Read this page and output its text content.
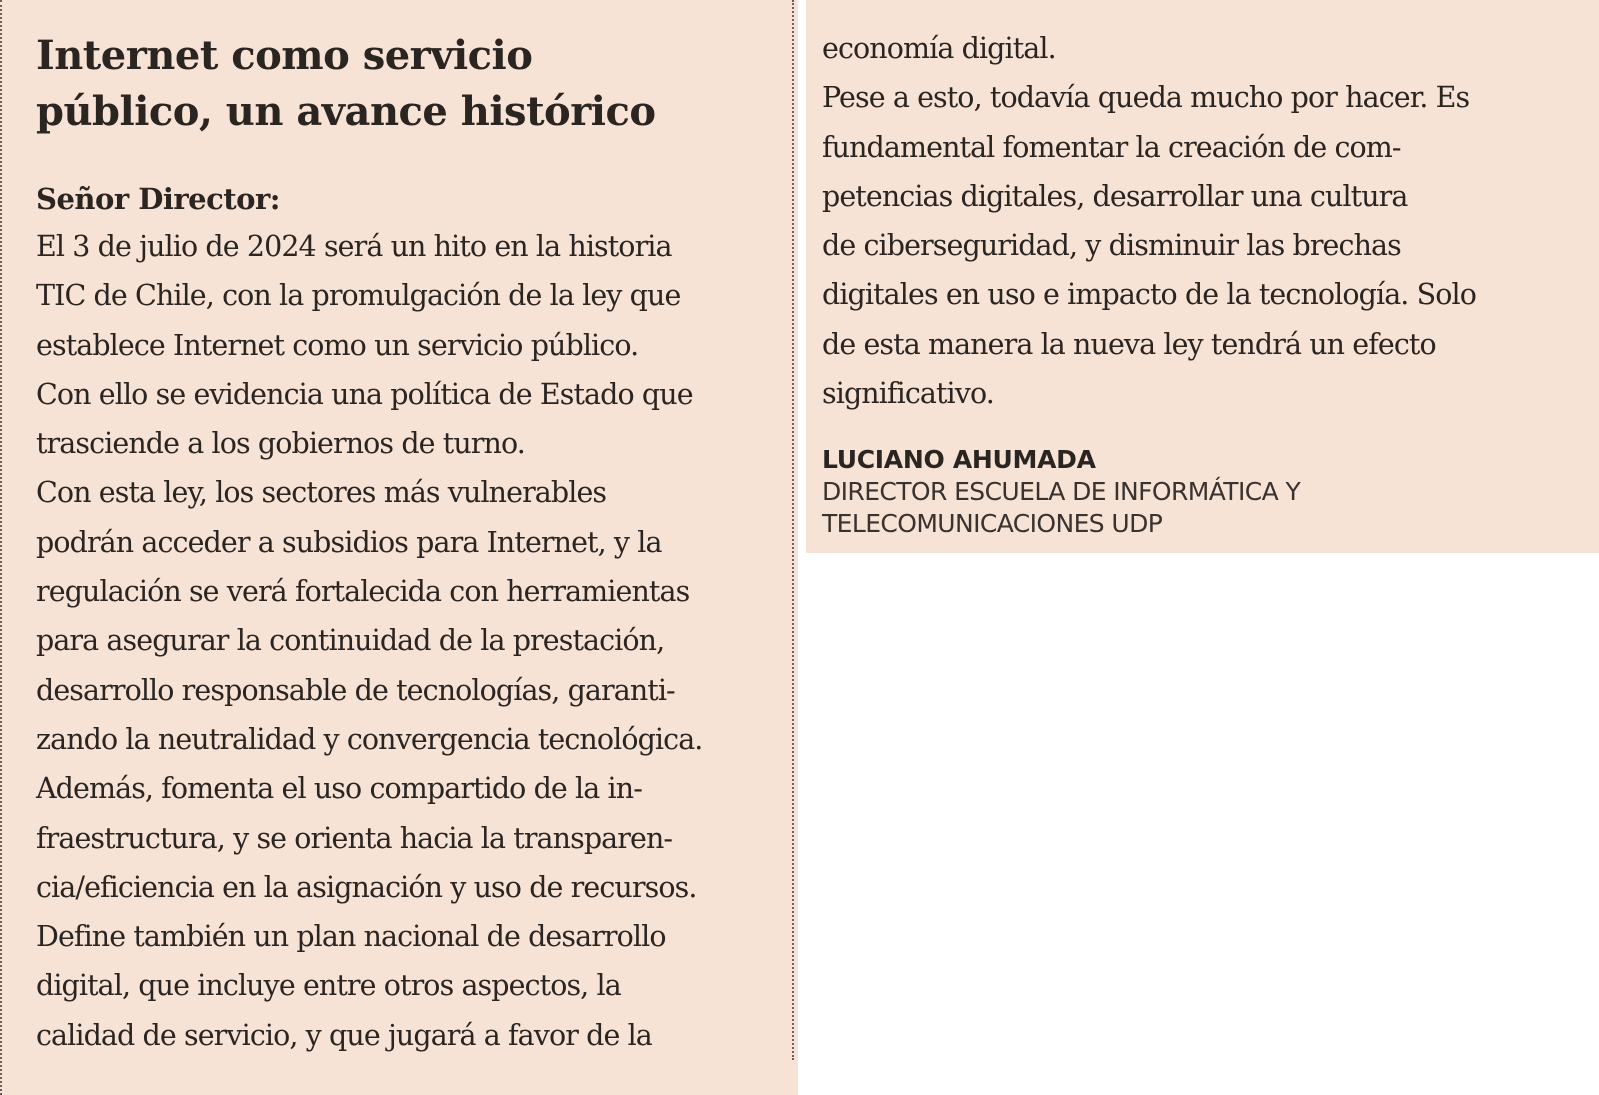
Internet como servicio
público, un avance histórico

Señor Director:

El 3 de julio de 2024 será un hito en la historia
TIC de Chile, con la promulgación de la ley que
establece Internet como un servicio público.
Con ello se evidencia una política de Estado que
trasciende a los gobiernos de turno.
Con esta ley, los sectores más vulnerables
podrán acceder a subsidios para Internet, y la
regulación se verá fortalecida con herramientas
para asegurar la continuidad de la prestación,
desarrollo responsable de tecnologías, garanti-
zando la neutralidad y convergencia tecnológica.
Además, fomenta el uso compartido de la in-
fraestructura, y se orienta hacia la transparen-
cia/eficiencia en la asignación y uso de recursos.
Define también un plan nacional de desarrollo
digital, que incluye entre otros aspectos, la
calidad de servicio, y que jugará a favor de la
economía digital.
Pese a esto, todavía queda mucho por hacer. Es
fundamental fomentar la creación de com-
petencias digitales, desarrollar una cultura
de ciberseguridad, y disminuir las brechas
digitales en uso e impacto de la tecnología. Solo
de esta manera la nueva ley tendrá un efecto
significativo.
LUCIANO AHUMADA
DIRECTOR ESCUELA DE INFORMÁTICA Y
TELECOMUNICACIONES UDP
